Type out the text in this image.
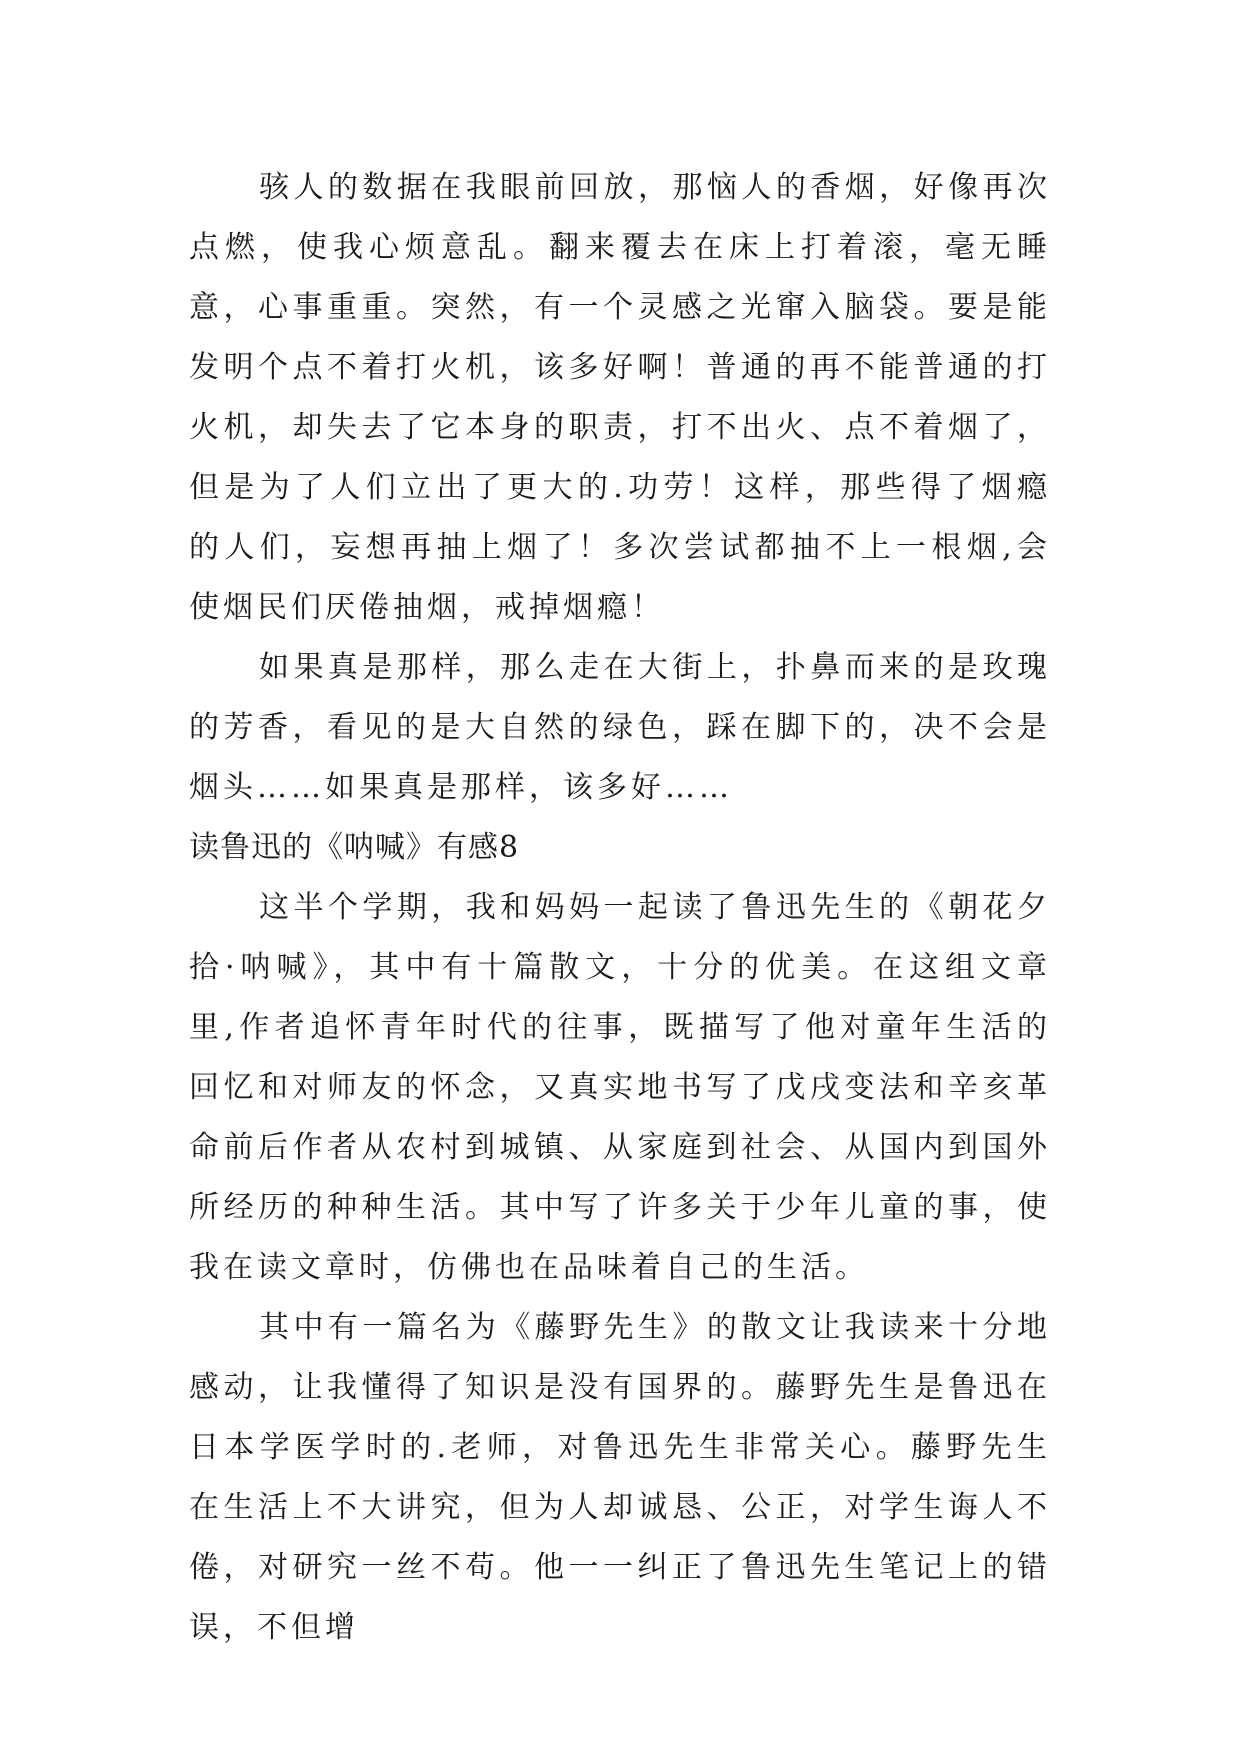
骇人的数据在我眼前回放，那恼人的香烟，好像再次点燃，使我心烦意乱。翻来覆去在床上打着滚，毫无睡意，心事重重。突然，有一个灵感之光窜入脑袋。要是能发明个点不着打火机，该多好啊！普通的再不能普通的打火机，却失去了它本身的职责，打不出火、点不着烟了，但是为了人们立出了更大的.功劳！这样，那些得了烟瘾的人们，妄想再抽上烟了！多次尝试都抽不上一根烟,会使烟民们厌倦抽烟，戒掉烟瘾！

如果真是那样，那么走在大街上，扑鼻而来的是玫瑰的芳香，看见的是大自然的绿色，踩在脚下的，决不会是烟头……如果真是那样，该多好……

读鲁迅的《呐喊》有感8

这半个学期，我和妈妈一起读了鲁迅先生的《朝花夕拾·呐喊》，其中有十篇散文，十分的优美。在这组文章里,作者追怀青年时代的往事，既描写了他对童年生活的回忆和对师友的怀念，又真实地书写了戊戌变法和辛亥革命前后作者从农村到城镇、从家庭到社会、从国内到国外所经历的种种生活。其中写了许多关于少年儿童的事，使我在读文章时，仿佛也在品味着自己的生活。

其中有一篇名为《藤野先生》的散文让我读来十分地感动，让我懂得了知识是没有国界的。藤野先生是鲁迅在日本学医学时的.老师，对鲁迅先生非常关心。藤野先生在生活上不大讲究，但为人却诚恳、公正，对学生诲人不倦，对研究一丝不苟。他一一纠正了鲁迅先生笔记上的错误，不但增
